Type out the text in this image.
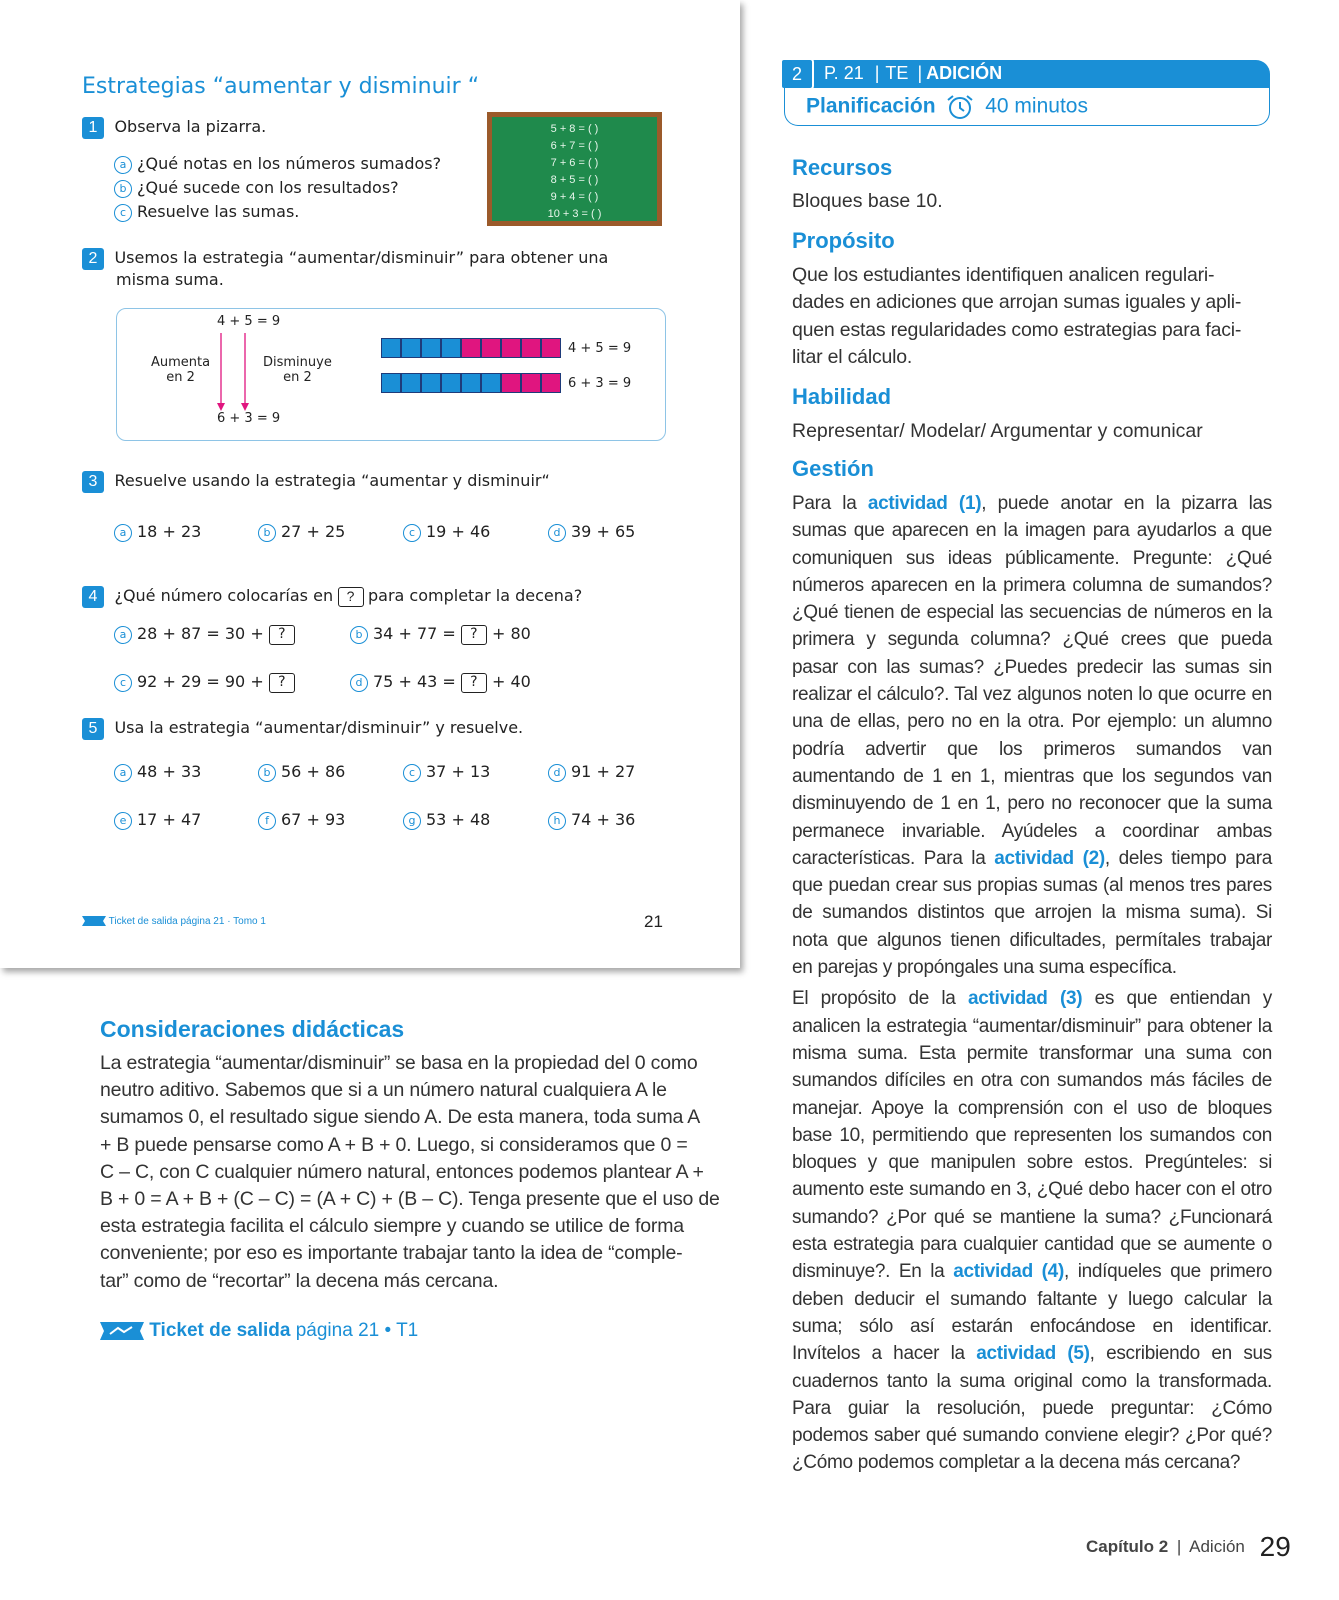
Estrategias “aumentar y disminuir “
1 Observa la pizarra.
a ¿Qué notas en los números sumados?
b ¿Qué sucede con los resultados?
c Resuelve las sumas.
5 + 8 = ( )
6 + 7 = ( )
7 + 6 = ( )
8 + 5 = ( )
9 + 4 = ( )
10 + 3 = ( )
2 Usemos la estrategia “aumentar/disminuir” para obtener una
misma suma.
4 + 5 = 9
6 + 3 = 9
Aumenta
en 2
Disminuye
en 2
4 + 5 = 9
6 + 3 = 9
3 Resuelve usando la estrategia “aumentar y disminuir“
a 18 + 23	b 27 + 25	c 19 + 46	d 39 + 65
4 ¿Qué número colocarías en ? para completar la decena?
a 28 + 87 = 30 + ?	b 34 + 77 = ? + 80
c 92 + 29 = 90 + ?	d 75 + 43 = ? + 40
5 Usa la estrategia “aumentar/disminuir” y resuelve.
a 48 + 33	b 56 + 86	c 37 + 13	d 91 + 27
e 17 + 47	f 67 + 93	g 53 + 48	h 74 + 36
Ticket de salida página 21 · Tomo 1	21
Consideraciones didácticas
La estrategia “aumentar/disminuir” se basa en la propiedad del 0 como
neutro aditivo. Sabemos que si a un número natural cualquiera A le
sumamos 0, el resultado sigue siendo A. De esta manera, toda suma A
+ B puede pensarse como A + B + 0. Luego, si consideramos que 0 =
C – C, con C cualquier número natural, entonces podemos plantear A +
B + 0 = A + B + (C – C) = (A + C) + (B – C). Tenga presente que el uso de
esta estrategia facilita el cálculo siempre y cuando se utilice de forma
conveniente; por eso es importante trabajar tanto la idea de “comple-
tar” como de “recortar” la decena más cercana.
Ticket de salida página 21 • T1
2	P. 21 | TE | ADICIÓN
Planificación 40 minutos
Recursos
Bloques base 10.
Propósito
Que los estudiantes identifiquen analicen regulari-
dades en adiciones que arrojan sumas iguales y apli-
quen estas regularidades como estrategias para faci-
litar el cálculo.
Habilidad
Representar/ Modelar/ Argumentar y comunicar
Gestión
Para la actividad (1), puede anotar en la pizarra las sumas que aparecen en la imagen para ayudarlos a que comuniquen sus ideas públicamente. Pregunte: ¿Qué números aparecen en la primera columna de sumandos? ¿Qué tienen de especial las secuencias de números en la primera y segunda columna? ¿Qué crees que pueda pasar con las sumas? ¿Puedes predecir las sumas sin realizar el cálculo?. Tal vez algunos noten lo que ocurre en una de ellas, pero no en la otra. Por ejemplo: un alumno podría advertir que los primeros sumandos van aumentando de 1 en 1, mientras que los segundos van disminuyendo de 1 en 1, pero no reconocer que la suma permanece invariable. Ayúdeles a coordinar ambas características. Para la actividad (2), deles tiempo para que puedan crear sus propias sumas (al menos tres pares de sumandos distintos que arrojen la misma suma). Si nota que algunos tienen dificultades, permítales trabajar en parejas y propóngales una suma específica.
El propósito de la actividad (3) es que entiendan y analicen la estrategia “aumentar/disminuir” para obtener la misma suma. Esta permite transformar una suma con sumandos difíciles en otra con sumandos más fáciles de manejar. Apoye la comprensión con el uso de bloques base 10, permitiendo que representen los sumandos con bloques y que manipulen sobre estos. Pregúnteles: si aumento este sumando en 3, ¿Qué debo hacer con el otro sumando? ¿Por qué se mantiene la suma? ¿Funcionará esta estrategia para cualquier cantidad que se aumente o disminuye?. En la actividad (4), indíqueles que primero deben deducir el sumando faltante y luego calcular la suma; sólo así estarán enfocándose en identificar. Invítelos a hacer la actividad (5), escribiendo en sus cuadernos tanto la suma original como la transformada. Para guiar la resolución, puede preguntar: ¿Cómo podemos saber qué sumando conviene elegir? ¿Por qué? ¿Cómo podemos completar a la decena más cercana?
Capítulo 2 | Adición 29
